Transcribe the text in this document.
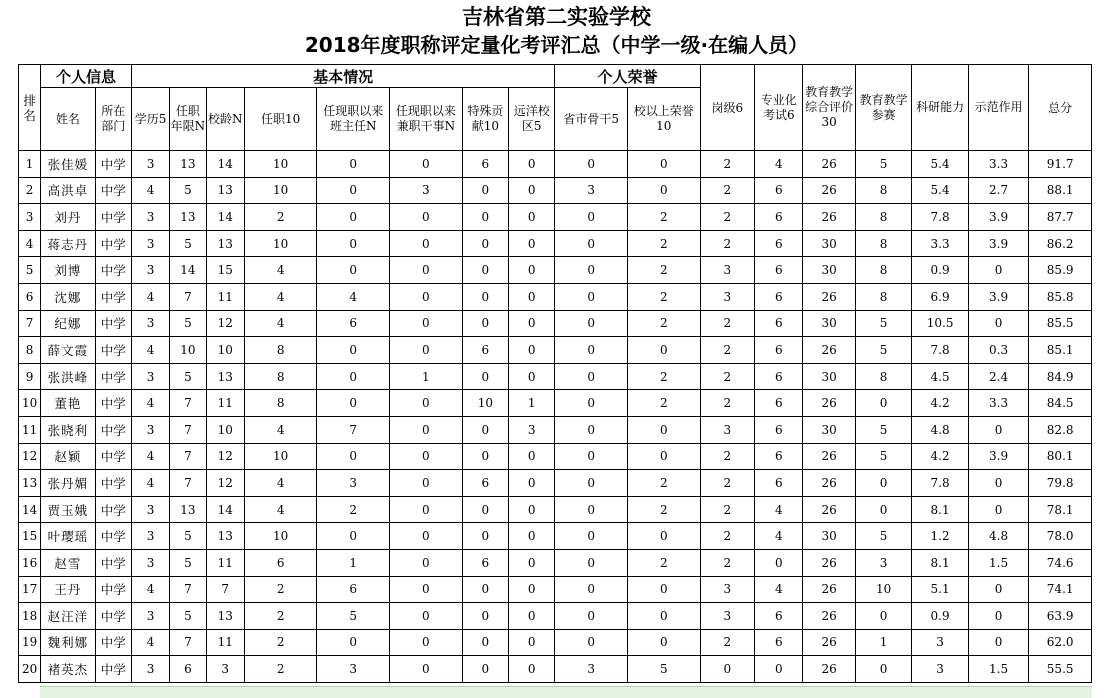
吉林省第二实验学校
2018年度职称评定量化考评汇总（中学一级·在编人员）
排名	个人信息		基本情况								个人荣誉		岗级6	专业化考试6	教育教学综合评价30	教育教学参赛	科研能力	示范作用	总分
	姓名	所在部门	学历5	任职年限N	校龄N	任职10	任现职以来班主任N	任现职以来兼职干事N	特殊贡献10	远洋校区5	省市骨干5	校以上荣誉10							
1	张佳媛	中学	3	13	14	10	0	0	6	0	0	0	2	4	26	5	5.4	3.3	91.7
2	高洪卓	中学	4	5	13	10	0	3	0	0	3	0	2	6	26	8	5.4	2.7	88.1
3	刘丹	中学	3	13	14	2	0	0	0	0	0	2	2	6	26	8	7.8	3.9	87.7
4	蒋志丹	中学	3	5	13	10	0	0	0	0	0	2	2	6	30	8	3.3	3.9	86.2
5	刘博	中学	3	14	15	4	0	0	0	0	0	2	3	6	30	8	0.9	0	85.9
6	沈娜	中学	4	7	11	4	4	0	0	0	0	2	3	6	26	8	6.9	3.9	85.8
7	纪娜	中学	3	5	12	4	6	0	0	0	0	2	2	6	30	5	10.5	0	85.5
8	薛文霞	中学	4	10	10	8	0	0	6	0	0	0	2	6	26	5	7.8	0.3	85.1
9	张洪峰	中学	3	5	13	8	0	1	0	0	0	2	2	6	30	8	4.5	2.4	84.9
10	董艳	中学	4	7	11	8	0	0	10	1	0	2	2	6	26	0	4.2	3.3	84.5
11	张晓利	中学	3	7	10	4	7	0	0	3	0	0	3	6	30	5	4.8	0	82.8
12	赵颖	中学	4	7	12	10	0	0	0	0	0	0	2	6	26	5	4.2	3.9	80.1
13	张丹媚	中学	4	7	12	4	3	0	6	0	0	2	2	6	26	0	7.8	0	79.8
14	贾玉娥	中学	3	13	14	4	2	0	0	0	0	2	2	4	26	0	8.1	0	78.1
15	叶璎瑶	中学	3	5	13	10	0	0	0	0	0	0	2	4	30	5	1.2	4.8	78.0
16	赵雪	中学	3	5	11	6	1	0	6	0	0	2	2	0	26	3	8.1	1.5	74.6
17	王丹	中学	4	7	7	2	6	0	0	0	0	0	3	4	26	10	5.1	0	74.1
18	赵汪洋	中学	3	5	13	2	5	0	0	0	0	0	3	6	26	0	0.9	0	63.9
19	魏利娜	中学	4	7	11	2	0	0	0	0	0	0	2	6	26	1	3	0	62.0
20	褚英杰	中学	3	6	3	2	3	0	0	0	3	5	0	0	26	0	3	1.5	55.5
